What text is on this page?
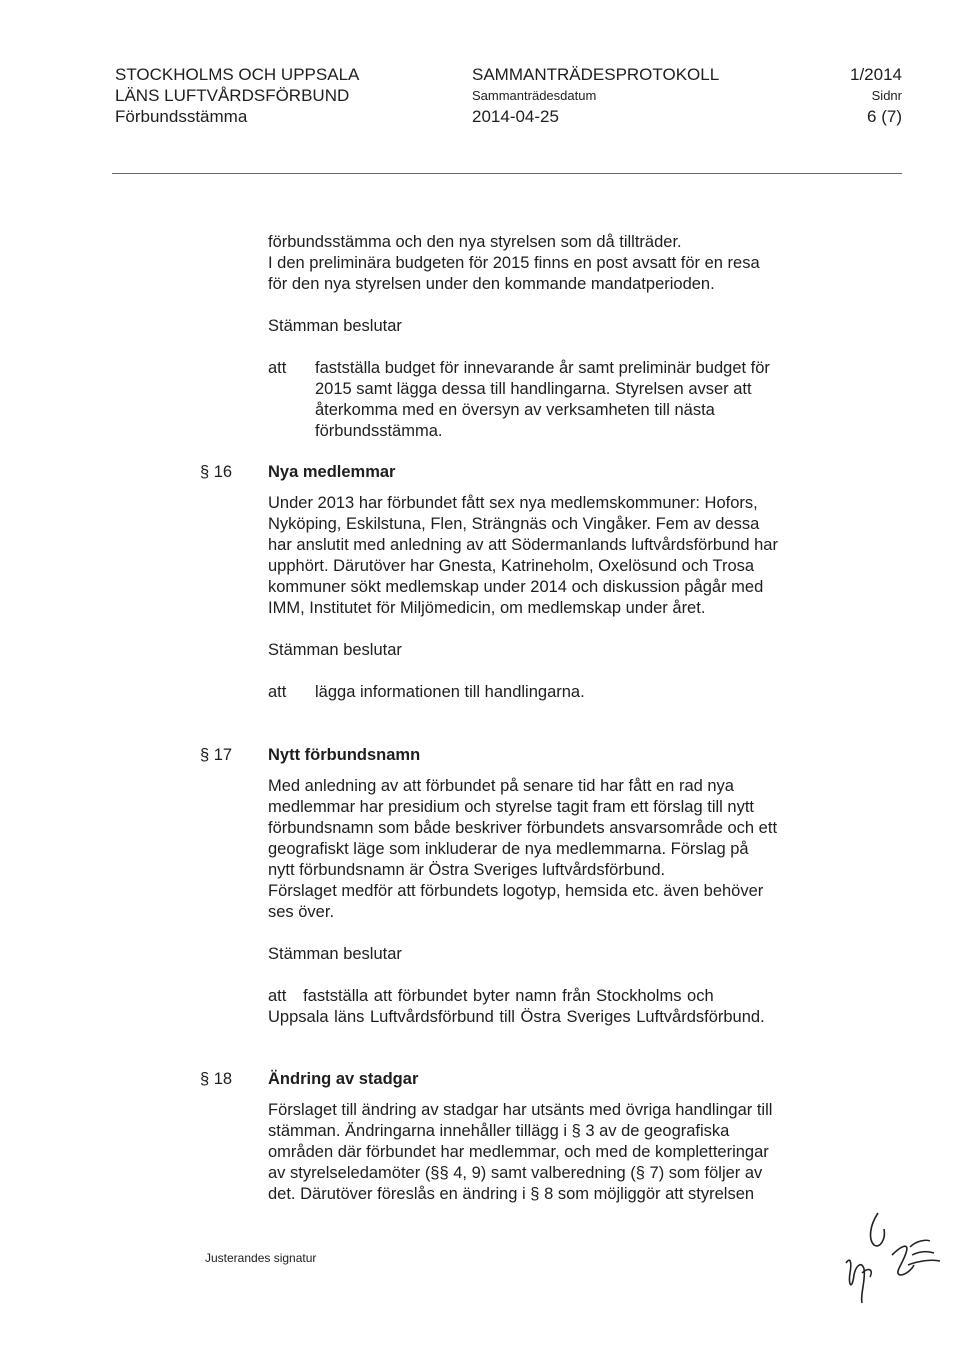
STOCKHOLMS OCH UPPSALA
LÄNS LUFTVÅRDSFÖRBUND
Förbundsstämma
SAMMANTRÄDESPROTOKOLL
Sammanträdesdatum
2014-04-25
1/2014
Sidnr
6 (7)
förbundsstämma och den nya styrelsen som då tillträder.
I den preliminära budgeten för 2015 finns en post avsatt för en resa
för den nya styrelsen under den kommande mandatperioden.
Stämman beslutar
att fastställa budget för innevarande år samt preliminär budget för
2015 samt lägga dessa till handlingarna. Styrelsen avser att
återkomma med en översyn av verksamheten till nästa
förbundsstämma.
§ 16 Nya medlemmar
Under 2013 har förbundet fått sex nya medlemskommuner: Hofors,
Nyköping, Eskilstuna, Flen, Strängnäs och Vingåker. Fem av dessa
har anslutit med anledning av att Södermanlands luftvårdsförbund har
upphört. Därutöver har Gnesta, Katrineholm, Oxelösund och Trosa
kommuner sökt medlemskap under 2014 och diskussion pågår med
IMM, Institutet för Miljömedicin, om medlemskap under året.
Stämman beslutar
att lägga informationen till handlingarna.
§ 17 Nytt förbundsnamn
Med anledning av att förbundet på senare tid har fått en rad nya
medlemmar har presidium och styrelse tagit fram ett förslag till nytt
förbundsnamn som både beskriver förbundets ansvarsområde och ett
geografiskt läge som inkluderar de nya medlemmarna. Förslag på
nytt förbundsnamn är Östra Sveriges luftvårdsförbund.
Förslaget medför att förbundets logotyp, hemsida etc. även behöver
ses över.
Stämman beslutar
att   fastställa att förbundet byter namn från Stockholms och
Uppsala läns Luftvårdsförbund till Östra Sveriges Luftvårdsförbund.
§ 18 Ändring av stadgar
Förslaget till ändring av stadgar har utsänts med övriga handlingar till
stämman. Ändringarna innehåller tillägg i § 3 av de geografiska
områden där förbundet har medlemmar, och med de kompletteringar
av styrelseledamöter (§§ 4, 9) samt valberedning (§ 7) som följer av
det. Därutöver föreslås en ändring i § 8 som möjliggör att styrelsen
Justerandes signatur
